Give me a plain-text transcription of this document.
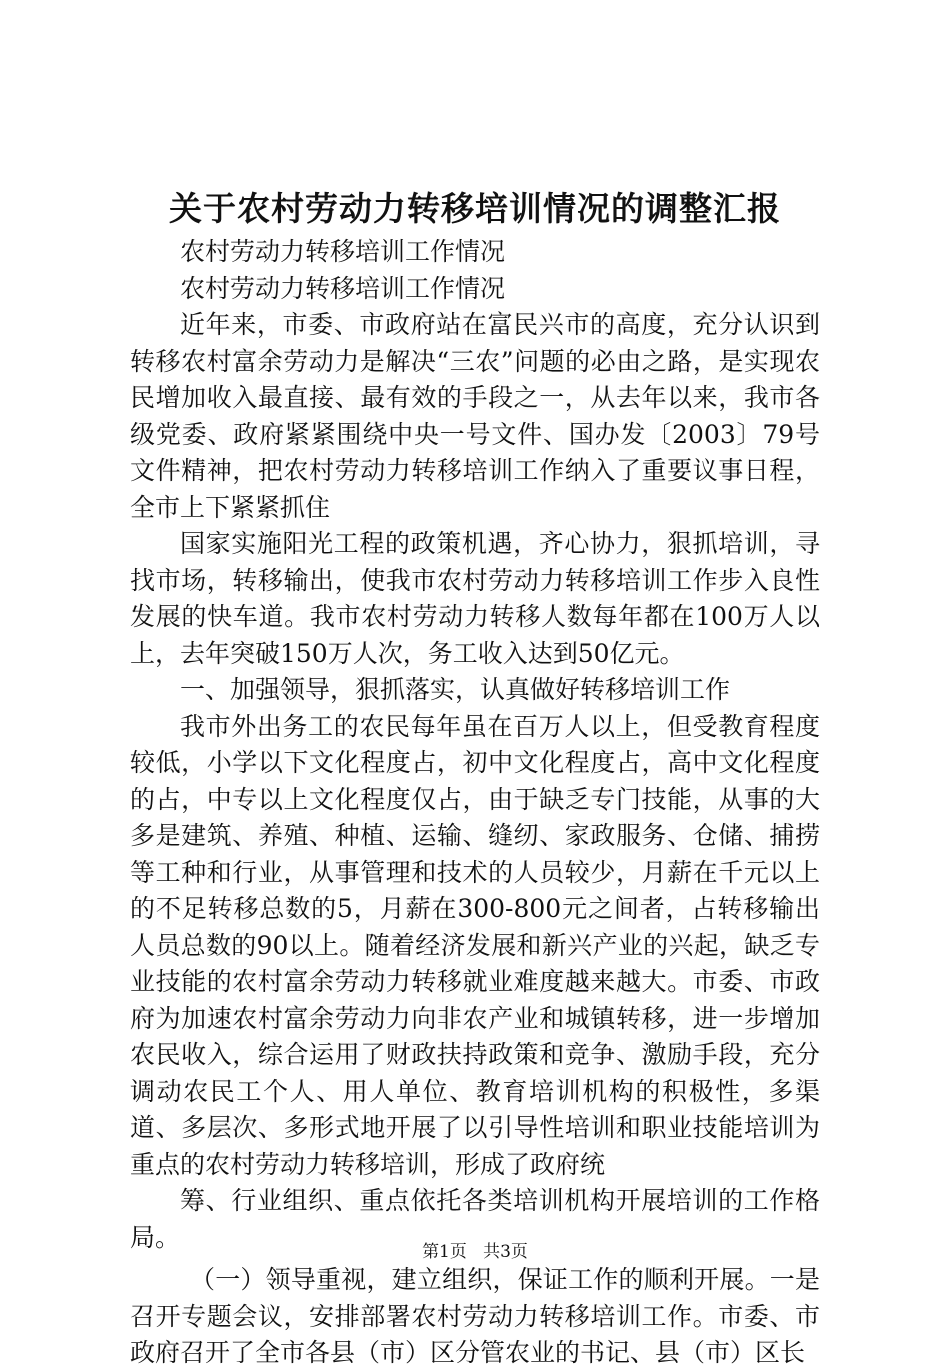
关于农村劳动力转移培训情况的调整汇报

农村劳动力转移培训工作情况

农村劳动力转移培训工作情况

近年来，市委、市政府站在富民兴市的高度，充分认识到转移农村富余劳动力是解决“三农”问题的必由之路，是实现农民增加收入最直接、最有效的手段之一，从去年以来，我市各级党委、政府紧紧围绕中央一号文件、国办发〔2003〕79号文件精神，把农村劳动力转移培训工作纳入了重要议事日程，全市上下紧紧抓住

国家实施阳光工程的政策机遇，齐心协力，狠抓培训，寻找市场，转移输出，使我市农村劳动力转移培训工作步入良性发展的快车道。我市农村劳动力转移人数每年都在100万人以上，去年突破150万人次，务工收入达到50亿元。

一、加强领导，狠抓落实，认真做好转移培训工作

我市外出务工的农民每年虽在百万人以上，但受教育程度较低，小学以下文化程度占，初中文化程度占，高中文化程度的占，中专以上文化程度仅占，由于缺乏专门技能，从事的大多是建筑、养殖、种植、运输、缝纫、家政服务、仓储、捕捞等工种和行业，从事管理和技术的人员较少，月薪在千元以上的不足转移总数的5，月薪在300-800元之间者，占转移输出人员总数的90以上。随着经济发展和新兴产业的兴起，缺乏专业技能的农村富余劳动力转移就业难度越来越大。市委、市政府为加速农村富余劳动力向非农产业和城镇转移，进一步增加农民收入，综合运用了财政扶持政策和竞争、激励手段，充分调动农民工个人、用人单位、教育培训机构的积极性，多渠道、多层次、多形式地开展了以引导性培训和职业技能培训为重点的农村劳动力转移培训，形成了政府统

筹、行业组织、重点依托各类培训机构开展培训的工作格局。

（一）领导重视，建立组织，保证工作的顺利开展。一是召开专题会议，安排部署农村劳动力转移培训工作。市委、市政府召开了全市各县（市）区分管农业的书记、县（市）区长

第1页 共3页
